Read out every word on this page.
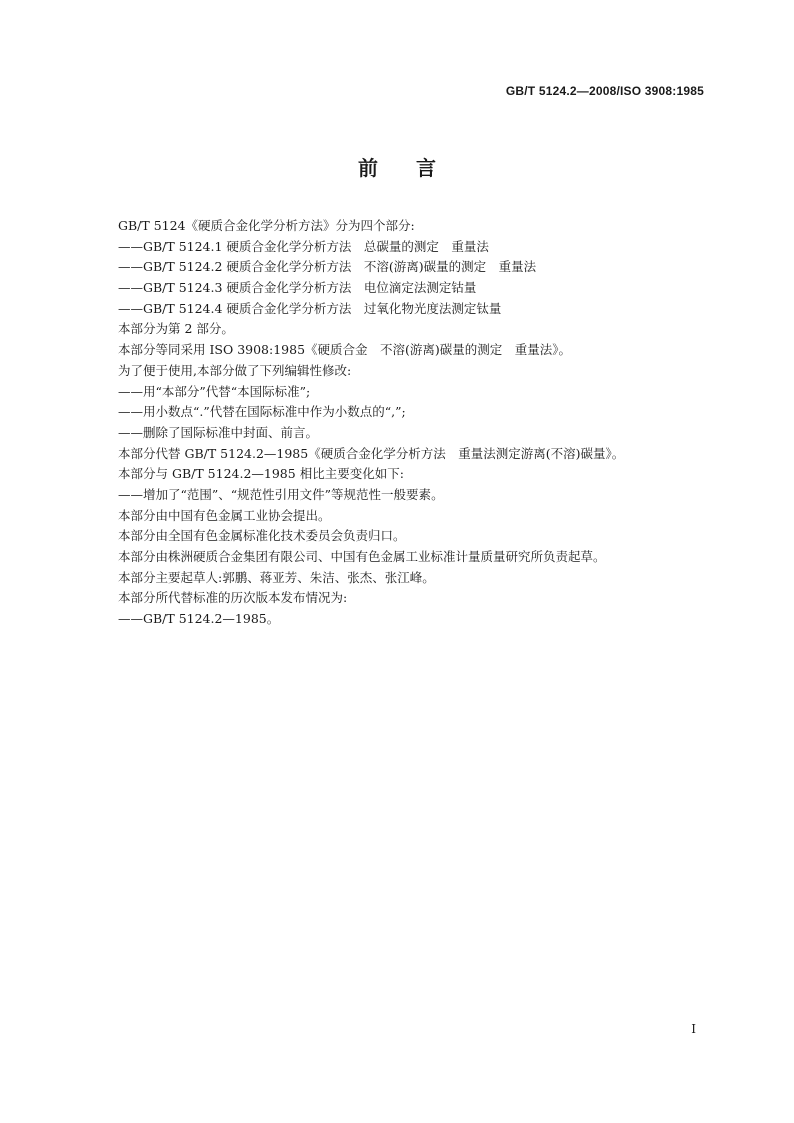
GB/T 5124.2—2008/ISO 3908:1985
前言
GB/T 5124《硬质合金化学分析方法》分为四个部分:
——GB/T 5124.1 硬质合金化学分析方法　总碳量的测定　重量法
——GB/T 5124.2 硬质合金化学分析方法　不溶(游离)碳量的测定　重量法
——GB/T 5124.3 硬质合金化学分析方法　电位滴定法测定钴量
——GB/T 5124.4 硬质合金化学分析方法　过氧化物光度法测定钛量
本部分为第 2 部分。
本部分等同采用 ISO 3908:1985《硬质合金　不溶(游离)碳量的测定　重量法》。
为了便于使用,本部分做了下列编辑性修改:
——用“本部分”代替“本国际标准”;
——用小数点“.”代替在国际标准中作为小数点的“,”;
——删除了国际标准中封面、前言。
本部分代替 GB/T 5124.2—1985《硬质合金化学分析方法　重量法测定游离(不溶)碳量》。
本部分与 GB/T 5124.2—1985 相比主要变化如下:
——增加了“范围”、“规范性引用文件”等规范性一般要素。
本部分由中国有色金属工业协会提出。
本部分由全国有色金属标准化技术委员会负责归口。
本部分由株洲硬质合金集团有限公司、中国有色金属工业标准计量质量研究所负责起草。
本部分主要起草人:郭鹏、蒋亚芳、朱洁、张杰、张江峰。
本部分所代替标准的历次版本发布情况为:
——GB/T 5124.2—1985。
I
